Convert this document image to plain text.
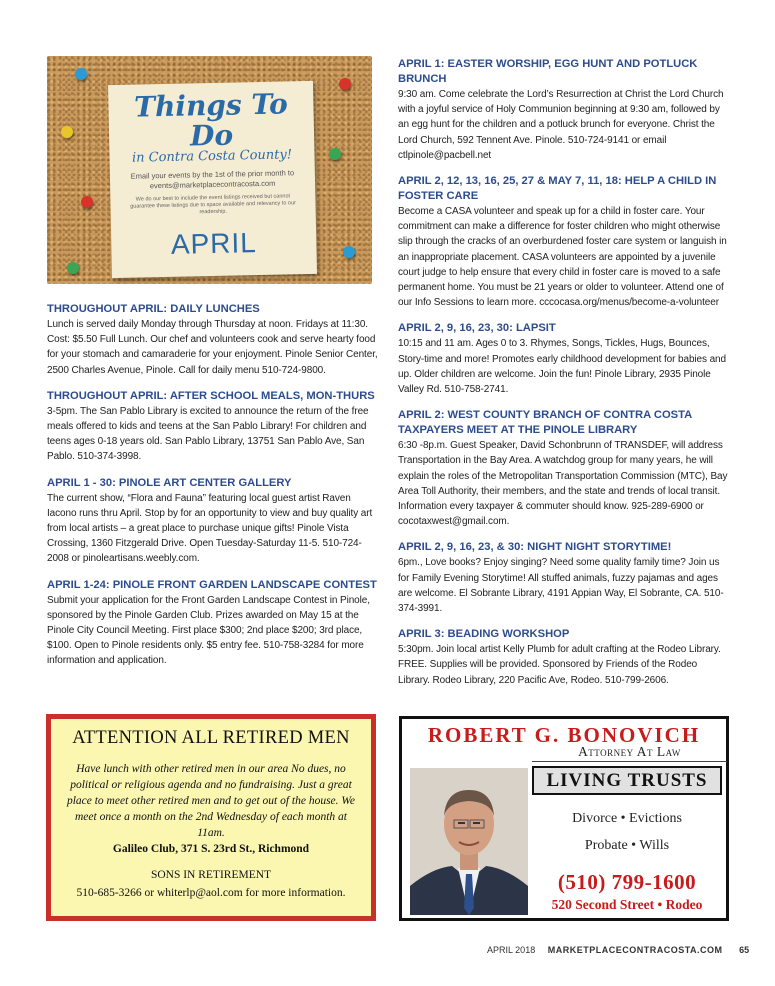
Things To Do
in Contra Costa County!
Email your events by the 1st of the prior month to events@marketplacecontracosta.com
We do our best to include the event listings received but cannot guarantee these listings due to space available and relevancy to our readership.
APRIL
THROUGHOUT APRIL: DAILY LUNCHES
Lunch is served daily Monday through Thursday at noon. Fridays at 11:30. Cost: $5.50 Full Lunch. Our chef and volunteers cook and serve hearty food for your stomach and camaraderie for your enjoyment. Pinole Senior Center, 2500 Charles Avenue, Pinole. Call for daily menu 510-724-9800.
THROUGHOUT APRIL: AFTER SCHOOL MEALS, MON-THURS
3-5pm. The San Pablo Library is excited to announce the return of the free meals offered to kids and teens at the San Pablo Library! For children and teens ages 0-18 years old. San Pablo Library, 13751 San Pablo Ave, San Pablo. 510-374-3998.
APRIL 1 - 30: PINOLE ART CENTER GALLERY
The current show, “Flora and Fauna” featuring local guest artist Raven Iacono runs thru April. Stop by for an opportunity to view and buy quality art from local artists – a great place to purchase unique gifts! Pinole Vista Crossing, 1360 Fitzgerald Drive. Open Tuesday-Saturday 11-5. 510-724-2008 or pinoleartisans.weebly.com.
APRIL 1-24: PINOLE FRONT GARDEN LANDSCAPE CONTEST
Submit your application for the Front Garden Landscape Contest in Pinole, sponsored by the Pinole Garden Club. Prizes awarded on May 15 at the Pinole City Council Meeting. First place $300; 2nd place $200; 3rd place, $100. Open to Pinole residents only. $5 entry fee. 510-758-3284 for more information and application.
APRIL 1: EASTER WORSHIP, EGG HUNT AND POTLUCK BRUNCH
9:30 am. Come celebrate the Lord’s Resurrection at Christ the Lord Church with a joyful service of Holy Communion beginning at 9:30 am, followed by an egg hunt for the children and a potluck brunch for everyone. Christ the Lord Church, 592 Tennent Ave. Pinole. 510-724-9141 or email ctlpinole@pacbell.net
APRIL 2, 12, 13, 16, 25, 27 & MAY 7, 11, 18: HELP A CHILD IN FOSTER CARE
Become a CASA volunteer and speak up for a child in foster care. Your commitment can make a difference for foster children who might otherwise slip through the cracks of an overburdened foster care system or languish in an inappropriate placement. CASA volunteers are appointed by a juvenile court judge to help ensure that every child in foster care is moved to a safe permanent home. You must be 21 years or older to volunteer. Attend one of our Info Sessions to learn more. cccocasa.org/menus/become-a-volunteer
APRIL 2, 9, 16, 23, 30: LAPSIT
10:15 and 11 am. Ages 0 to 3. Rhymes, Songs, Tickles, Hugs, Bounces, Story-time and more! Promotes early childhood development for babies and up. Older children are welcome. Join the fun! Pinole Library, 2935 Pinole Valley Rd. 510-758-2741.
APRIL 2: WEST COUNTY BRANCH OF CONTRA COSTA TAXPAYERS MEET AT THE PINOLE LIBRARY
6:30 -8p.m. Guest Speaker, David Schonbrunn of TRANSDEF, will address Transportation in the Bay Area. A watchdog group for many years, he will explain the roles of the Metropolitan Transportation Commission (MTC), Bay Area Toll Authority, their members, and the state and trends of local transit. Information every taxpayer & commuter should know. 925-289-6900 or cocotaxwest@gmail.com.
APRIL 2, 9, 16, 23, & 30: NIGHT NIGHT STORYTIME!
6pm., Love books? Enjoy singing? Need some quality family time? Join us for Family Evening Storytime! All stuffed animals, fuzzy pajamas and ages are welcome. El Sobrante Library, 4191 Appian Way, El Sobrante, CA. 510-374-3991.
APRIL 3: BEADING WORKSHOP
5:30pm. Join local artist Kelly Plumb for adult crafting at the Rodeo Library. FREE. Supplies will be provided. Sponsored by Friends of the Rodeo Library. Rodeo Library, 220 Pacific Ave, Rodeo. 510-799-2606.
ATTENTION ALL RETIRED MEN
Have lunch with other retired men in our area No dues, no political or religious agenda and no fundraising. Just a great place to meet other retired men and to get out of the house. We meet once a month on the 2nd Wednesday of each month at 11am.
Galileo Club, 371 S. 23rd St., Richmond
SONS IN RETIREMENT
510-685-3266 or whiterlp@aol.com for more information.
ROBERT G. BONOVICH
Attorney At Law
LIVING TRUSTS
Divorce • Evictions
Probate • Wills
(510) 799-1600
520 Second Street • Rodeo
APRIL 2018 MARKETPLACECONTRACOSTA.COM 65
